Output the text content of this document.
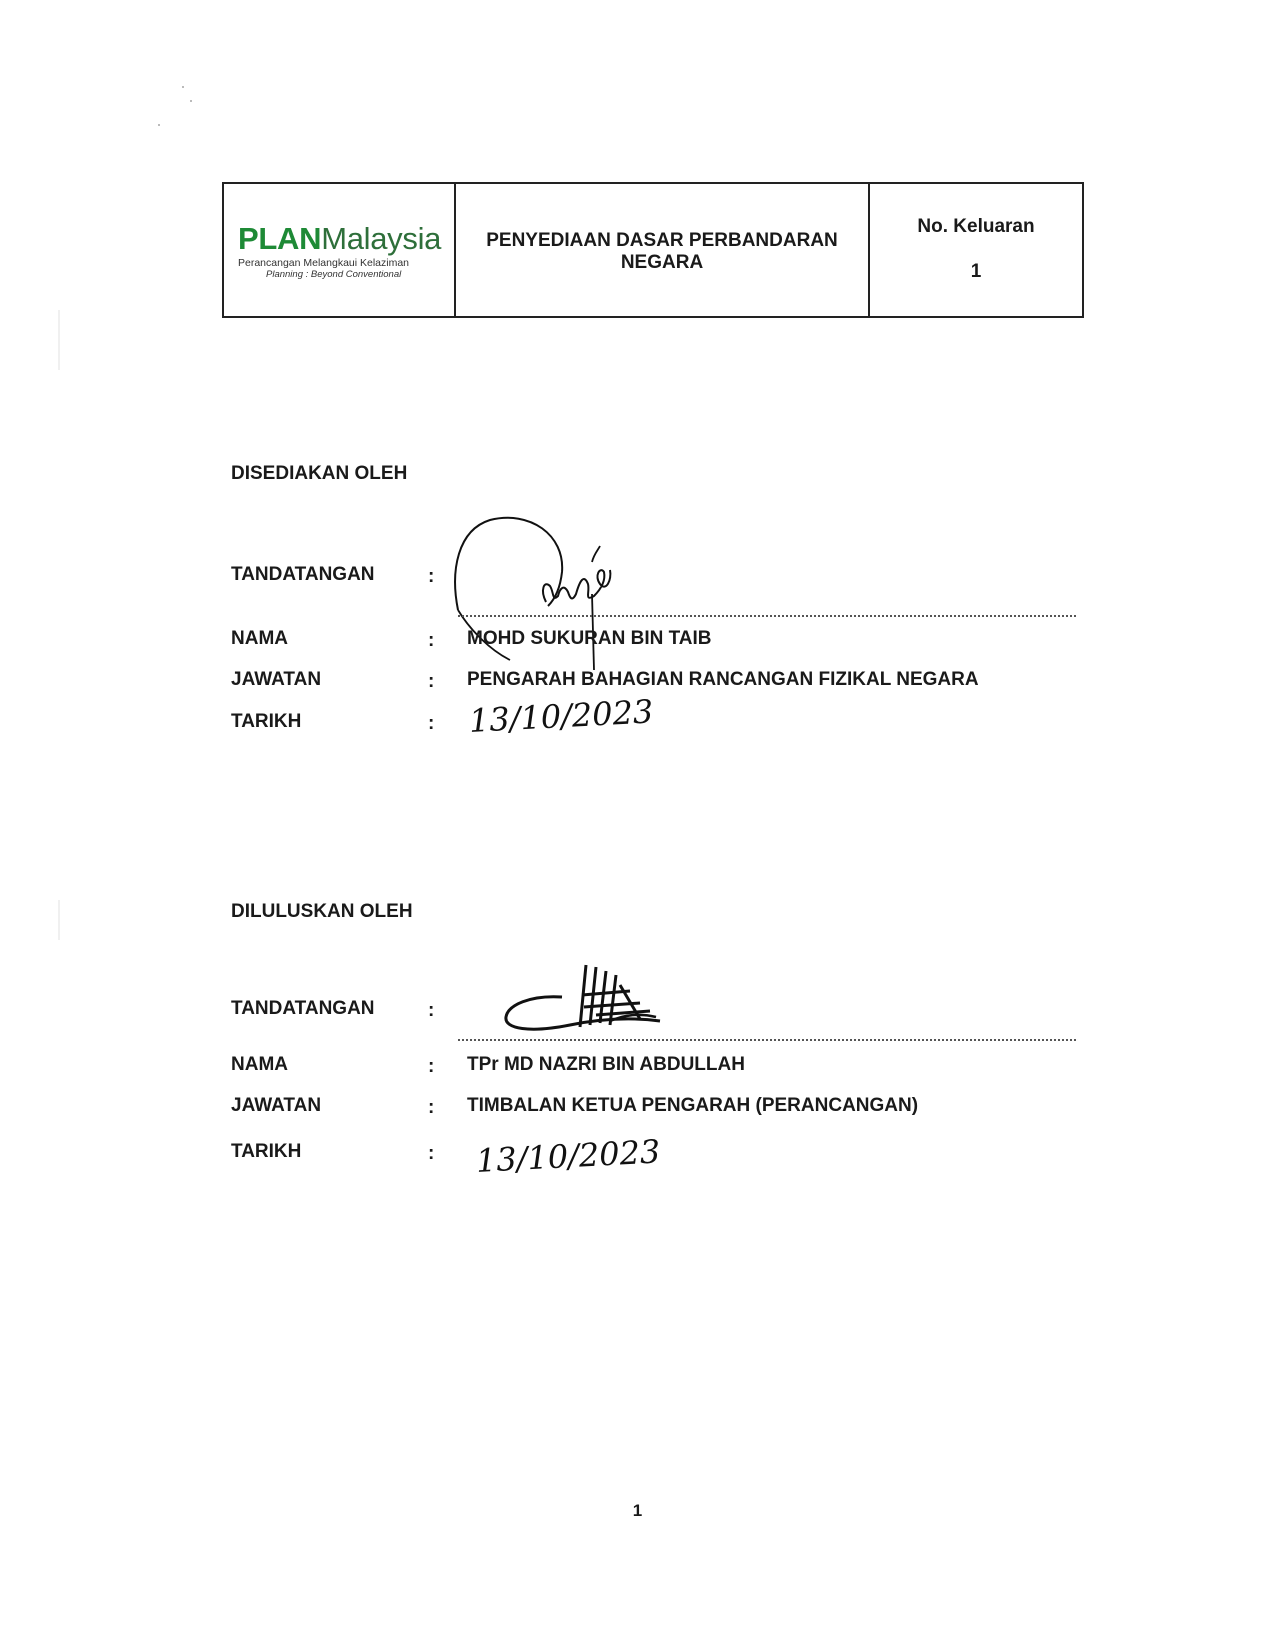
PLANMalaysia
Perancangan Melangkaui Kelaziman
Planning : Beyond Conventional
PENYEDIAAN DASAR PERBANDARAN
NEGARA
No. Keluaran
1
DISEDIAKAN OLEH
TANDATANGAN	:
NAMA	: MOHD SUKURAN BIN TAIB
JAWATAN	: PENGARAH BAHAGIAN RANCANGAN FIZIKAL NEGARA
TARIKH	: 13/10/2023
DILULUSKAN OLEH
TANDATANGAN	:
NAMA	: TPr MD NAZRI BIN ABDULLAH
JAWATAN	: TIMBALAN KETUA PENGARAH (PERANCANGAN)
TARIKH	: 13/10/2023
1
